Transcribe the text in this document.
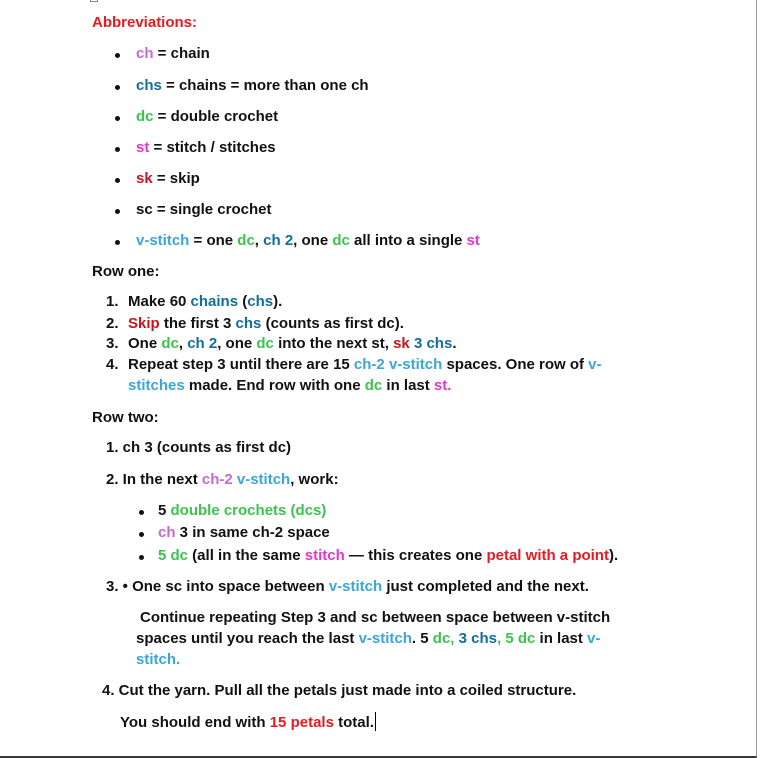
Abbreviations:
ch = chain
chs = chains = more than one ch
dc = double crochet
st = stitch / stitches
sk = skip
sc = single crochet
v-stitch = one dc, ch 2, one dc all into a single st
Row one:
1. Make 60 chains (chs).
2. Skip the first 3 chs (counts as first dc).
3. One dc, ch 2, one dc into the next st, sk 3 chs.
4. Repeat step 3 until there are 15 ch-2 v-stitch spaces. One row of v-
stitches made. End row with one dc in last st.
Row two:
1. ch 3 (counts as first dc)
2. In the next ch-2 v-stitch, work:
5 double crochets (dcs)
ch 3 in same ch-2 space
5 dc (all in the same stitch — this creates one petal with a point).
3. • One sc into space between v-stitch just completed and the next.
Continue repeating Step 3 and sc between space between v-stitch
spaces until you reach the last v-stitch. 5 dc, 3 chs, 5 dc in last v-
stitch.
4. Cut the yarn. Pull all the petals just made into a coiled structure.
You should end with 15 petals total.
